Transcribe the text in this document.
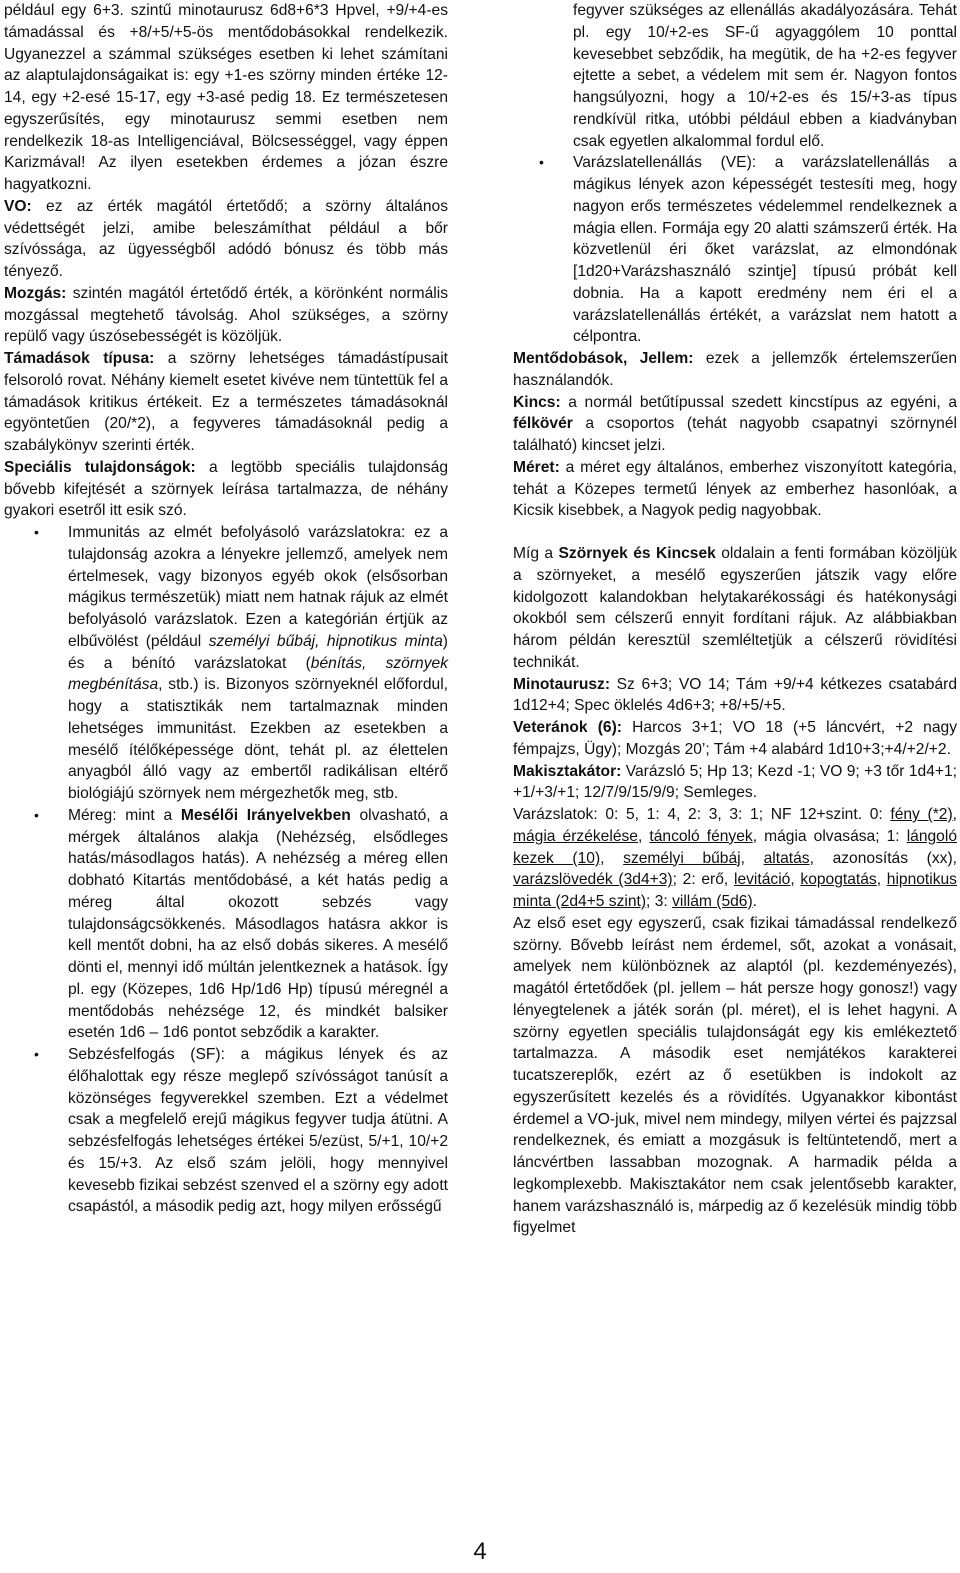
például egy 6+3. szintű minotaurusz 6d8+6*3 Hpvel, +9/+4-es támadással és +8/+5/+5-ös mentődobásokkal rendelkezik. Ugyanezzel a számmal szükséges esetben ki lehet számítani az alaptulajdonságaikat is: egy +1-es szörny minden értéke 12-14, egy +2-esé 15-17, egy +3-asé pedig 18. Ez természetesen egyszerűsítés, egy minotaurusz semmi esetben nem rendelkezik 18-as Intelligenciával, Bölcsességgel, vagy éppen Karizmával! Az ilyen esetekben érdemes a józan észre hagyatkozni.

VO: ez az érték magától értetődő; a szörny általános védettségét jelzi, amibe beleszámíthat például a bőr szívóssága, az ügyességből adódó bónusz és több más tényező.

Mozgás: szintén magától értetődő érték, a körönként normális mozgással megtehető távolság. Ahol szükséges, a szörny repülő vagy úszósebességét is közöljük.

Támadások típusa: a szörny lehetséges támadástípusait felsoroló rovat. Néhány kiemelt esetet kivéve nem tüntettük fel a támadások kritikus értékeit. Ez a természetes támadásoknál egyöntetűen (20/*2), a fegyveres támadásoknál pedig a szabálykönyv szerinti érték.

Speciális tulajdonságok: a legtöbb speciális tulajdonság bővebb kifejtését a szörnyek leírása tartalmazza, de néhány gyakori esetről itt esik szó.

• Immunitás az elmét befolyásoló varázslatokra: ez a tulajdonság azokra a lényekre jellemző, amelyek nem értelmesek, vagy bizonyos egyéb okok (elsősorban mágikus természetük) miatt nem hatnak rájuk az elmét befolyásoló varázslatok. Ezen a kategórián értjük az elbűvölést (például személyi bűbáj, hipnotikus minta) és a bénító varázslatokat (bénítás, szörnyek megbénítása, stb.) is. Bizonyos szörnyeknél előfordul, hogy a statisztikák nem tartalmaznak minden lehetséges immunitást. Ezekben az esetekben a mesélő ítélőképessége dönt, tehát pl. az élettelen anyagból álló vagy az embertől radikálisan eltérő biológiájú szörnyek nem mérgezhetők meg, stb.

• Méreg: mint a Mesélői Irányelvekben olvasható, a mérgek általános alakja (Nehézség, elsődleges hatás/másodlagos hatás). A nehézség a méreg ellen dobható Kitartás mentődobásé, a két hatás pedig a méreg által okozott sebzés vagy tulajdonságcsökkenés. Másodlagos hatásra akkor is kell mentőt dobni, ha az első dobás sikeres. A mesélő dönti el, mennyi idő múltán jelentkeznek a hatások. Így pl. egy (Közepes, 1d6 Hp/1d6 Hp) típusú méregnél a mentődobás nehézsége 12, és mindkét balsiker esetén 1d6 – 1d6 pontot sebződik a karakter.

• Sebzésfelfogás (SF): a mágikus lények és az élőhalottak egy része meglepő szívósságot tanúsít a közönséges fegyverekkel szemben. Ezt a védelmet csak a megfelelő erejű mágikus fegyver tudja átütni. A sebzésfelfogás lehetséges értékei 5/ezüst, 5/+1, 10/+2 és 15/+3. Az első szám jelöli, hogy mennyivel kevesebb fizikai sebzést szenved el a szörny egy adott csapástól, a második pedig azt, hogy milyen erősségű

fegyver szükséges az ellenállás akadályozására. Tehát pl. egy 10/+2-es SF-ű agyaggólem 10 ponttal kevesebbet sebződik, ha megütik, de ha +2-es fegyver ejtette a sebet, a védelem mit sem ér. Nagyon fontos hangsúlyozni, hogy a 10/+2-es és 15/+3-as típus rendkívül ritka, utóbbi például ebben a kiadványban csak egyetlen alkalommal fordul elő.

• Varázslatellenállás (VE): a varázslatellenállás a mágikus lények azon képességét testesíti meg, hogy nagyon erős természetes védelemmel rendelkeznek a mágia ellen. Formája egy 20 alatti számszerű érték. Ha közvetlenül éri őket varázslat, az elmondónak [1d20+Varázshasználó szintje] típusú próbát kell dobnia. Ha a kapott eredmény nem éri el a varázslatellenállás értékét, a varázslat nem hatott a célpontra.

Mentődobások, Jellem: ezek a jellemzők értelemszerűen használandók.

Kincs: a normál betűtípussal szedett kincstípus az egyéni, a félkövér a csoportos (tehát nagyobb csapatnyi szörnynél található) kincset jelzi.

Méret: a méret egy általános, emberhez viszonyított kategória, tehát a Közepes termetű lények az emberhez hasonlóak, a Kicsik kisebbek, a Nagyok pedig nagyobbak.

Míg a Szörnyek és Kincsek oldalain a fenti formában közöljük a szörnyeket, a mesélő egyszerűen játszik vagy előre kidolgozott kalandokban helytakarékossági és hatékonysági okokból sem célszerű ennyit fordítani rájuk. Az alábbiakban három példán keresztül szemléltetjük a célszerű rövidítési technikát.

Minotaurusz: Sz 6+3; VO 14; Tám +9/+4 kétkezes csatabárd 1d12+4; Spec öklelés 4d6+3; +8/+5/+5.

Veteránok (6): Harcos 3+1; VO 18 (+5 láncvért, +2 nagy fémpajzs, Ügy); Mozgás 20’; Tám +4 alabárd 1d10+3;+4/+2/+2.

Makisztakátor: Varázsló 5; Hp 13; Kezd -1; VO 9; +3 tőr 1d4+1; +1/+3/+1; 12/7/9/15/9/9; Semleges.

Varázslatok: 0: 5, 1: 4, 2: 3, 3: 1; NF 12+szint. 0: fény (*2), mágia érzékelése, táncoló fények, mágia olvasása; 1: lángoló kezek (10), személyi bűbáj, altatás, azonosítás (xx), varázslövedék (3d4+3); 2: erő, levitáció, kopogtatás, hipnotikus minta (2d4+5 szint); 3: villám (5d6).

Az első eset egy egyszerű, csak fizikai támadással rendelkező szörny. Bővebb leírást nem érdemel, sőt, azokat a vonásait, amelyek nem különböznek az alaptól (pl. kezdeményezés), magától értetődőek (pl. jellem – hát persze hogy gonosz!) vagy lényegtelenek a játék során (pl. méret), el is lehet hagyni. A szörny egyetlen speciális tulajdonságát egy kis emlékeztető tartalmazza. A második eset nemjátékos karakterei tucatszereplők, ezért az ő esetükben is indokolt az egyszerűsített kezelés és a rövidítés. Ugyanakkor kibontást érdemel a VO-juk, mivel nem mindegy, milyen vértei és pajzzsal rendelkeznek, és emiatt a mozgásuk is feltüntetendő, mert a láncvértben lassabban mozognak. A harmadik példa a legkomplexebb. Makisztakátor nem csak jelentősebb karakter, hanem varázshasználó is, márpedig az ő kezelésük mindig több figyelmet

4
